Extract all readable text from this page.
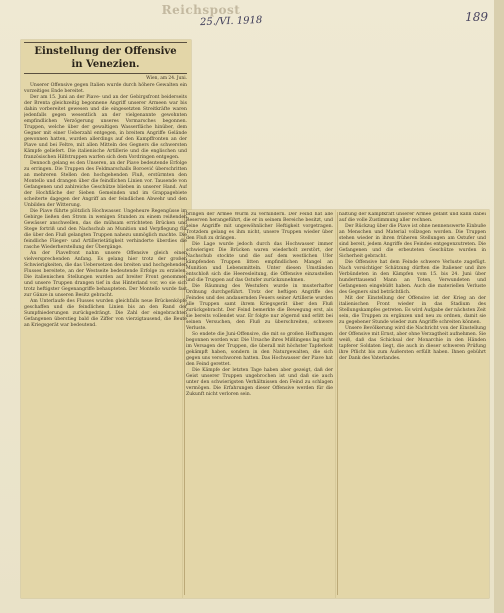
Reichspost
25./VI. 1918	189
Einstellung der Offensive
in Venezien.
Wien, am 24. Juni.

Unserer Offensive gegen Italien wurde durch höhere Gewalten ein vorzeitiges Ende bereitet.

Der am 15. Juni an der Piave- und an der Gebirgsfront beiderseits der Brenta gleichzeitig begonnene Angriff unserer Armeen war bis dahin vorbereitet gewesen und die eingesetzten Streitkräfte waren jedenfalls gegen wesentlich an der vielgenannte gewohnten empfindlichen Verzögerung unseres Vormarsches begonnen. Truppen, welche über der gewaltigen Wasserfläche hinüber, dem Gegner mit einer Ueberzahl entgegen, in breitem Angriffe Gelände gewonnen hatten, wurden allerdings auf den Kampffronten an der Piave und bei Feltre, mit allen Mitteln des Gegners die schwersten Kämpfe geliefert. Die italienische Artillerie und die englischen und französischen Hilfstruppen warfen sich dem Vordringen entgegen.

Dennoch gelang es den Unseren, an der Piave bedeutende Erfolge zu erringen. Die Truppen des Feldmarschalls Boroević überschritten an mehreren Stellen den hochgehenden Fluß, erstürmten den Montello und drangen über die feindlichen Linien vor. Tausende von Gefangenen und zahlreiche Geschütze blieben in unserer Hand. Auf der Hochfläche der Sieben Gemeinden und im Grappagebiete scheiterte dagegen der Angriff an der feindlichen Abwehr und den Unbilden der Witterung.

Die Piave führte plötzlich Hochwasser. Ungeheure Regengüsse im Gebirge ließen den Strom in wenigen Stunden zu einem reißenden Gewässer anschwellen, das die mühsam errichteten Brücken und Stege fortriß und den Nachschub an Munition und Verpflegung für die über den Fluß gelangten Truppen nahezu unmöglich machte. Die feindliche Flieger- und Artillerietätigkeit verhinderte überdies die rasche Wiederherstellung der Übergänge.

An der Piavefront nahm unsere Offensive gleich einen vielversprechenden Anfang. Es gelang hier trotz der großen Schwierigkeiten, die das Uebersetzen des breiten und hochgehenden Flusses bereitete, an der Westseite bedeutende Erfolge zu erzielen. Die italienischen Stellungen wurden auf breiter Front genommen und unsere Truppen drangen tief in das Hinterland vor, wo sie sich trotz heftigster Gegenangriffe behaupteten. Der Montello wurde fast zur Gänze in unseren Besitz gebracht.

Am Unterlaufe des Flusses wurden gleichfalls neue Brückenköpfe geschaffen und die feindlichen Linien bis an den Rand der Sumpfniederungen zurückgedrängt. Die Zahl der eingebrachten Gefangenen überstieg bald die Ziffer von vierzigtausend, die Beute an Kriegsgerät war bedeutend.

bringen der Armee Wurm zu verhindern. Der Feind hat alle Reserven herangeführt, die er in seinem Bereiche besitzt, und seine Angriffe mit ungewöhnlicher Heftigkeit vorgetragen. Trotzdem gelang es ihm nicht, unsere Truppen wieder über den Fluß zu drängen.

Die Lage wurde jedoch durch das Hochwasser immer schwieriger. Die Brücken waren wiederholt zerstört, der Nachschub stockte und die auf dem westlichen Ufer kämpfenden Truppen litten empfindlichen Mangel an Munition und Lebensmitteln. Unter diesen Umständen entschloß sich die Heeresleitung, die Offensive einzustellen und die Truppen auf das Ostufer zurückzunehmen.

Die Räumung des Westufers wurde in musterhafter Ordnung durchgeführt. Trotz der heftigen Angriffe des Feindes und des andauernden Feuers seiner Artillerie wurden alle Truppen samt ihrem Kriegsgerät über den Fluß zurückgebracht. Der Feind bemerkte die Bewegung erst, als sie bereits vollendet war. Er folgte nur zögernd und erlitt bei seinen Versuchen, den Fluß zu überschreiten, schwere Verluste.

So endete die Juni-Offensive, die mit so großen Hoffnungen begonnen worden war. Die Ursache ihres Mißlingens lag nicht im Versagen der Truppen, die überall mit höchster Tapferkeit gekämpft haben, sondern in den Naturgewalten, die sich gegen uns verschworen hatten. Das Hochwasser der Piave hat den Feind gerettet.

Die Kämpfe der letzten Tage haben aber gezeigt, daß der Geist unserer Truppen ungebrochen ist und daß sie auch unter den schwierigsten Verhältnissen den Feind zu schlagen vermögen. Die Erfahrungen dieser Offensive werden für die Zukunft nicht verloren sein.

haltung der Kampfkraft unserer Armee gefaßt und kann dabei auf die volle Zustimmung aller rechnen.

Der Rückzug über die Piave ist ohne nennenswerte Einbuße an Menschen und Material vollzogen worden. Die Truppen stehen wieder in ihren früheren Stellungen am Ostufer und sind bereit, jedem Angriffe des Feindes entgegenzutreten. Die Gefangenen und die erbeuteten Geschütze wurden in Sicherheit gebracht.

Die Offensive hat dem Feinde schwere Verluste zugefügt. Nach vorsichtiger Schätzung dürften die Italiener und ihre Verbündeten in den Kämpfen vom 15. bis 24. Juni über hunderttausend Mann an Toten, Verwundeten und Gefangenen eingebüßt haben. Auch die materiellen Verluste des Gegners sind beträchtlich.

Mit der Einstellung der Offensive ist der Krieg an der italienischen Front wieder in das Stadium des Stellungskampfes getreten. Es wird Aufgabe der nächsten Zeit sein, die Truppen zu ergänzen und neu zu ordnen, damit sie zu gegebener Stunde wieder zum Angriffe schreiten können.

Unsere Bevölkerung wird die Nachricht von der Einstellung der Offensive mit Ernst, aber ohne Verzagtheit aufnehmen. Sie weiß, daß das Schicksal der Monarchie in den Händen tapferer Soldaten liegt, die auch in dieser schweren Prüfung ihre Pflicht bis zum Äußersten erfüllt haben. Ihnen gebührt der Dank des Vaterlandes.
